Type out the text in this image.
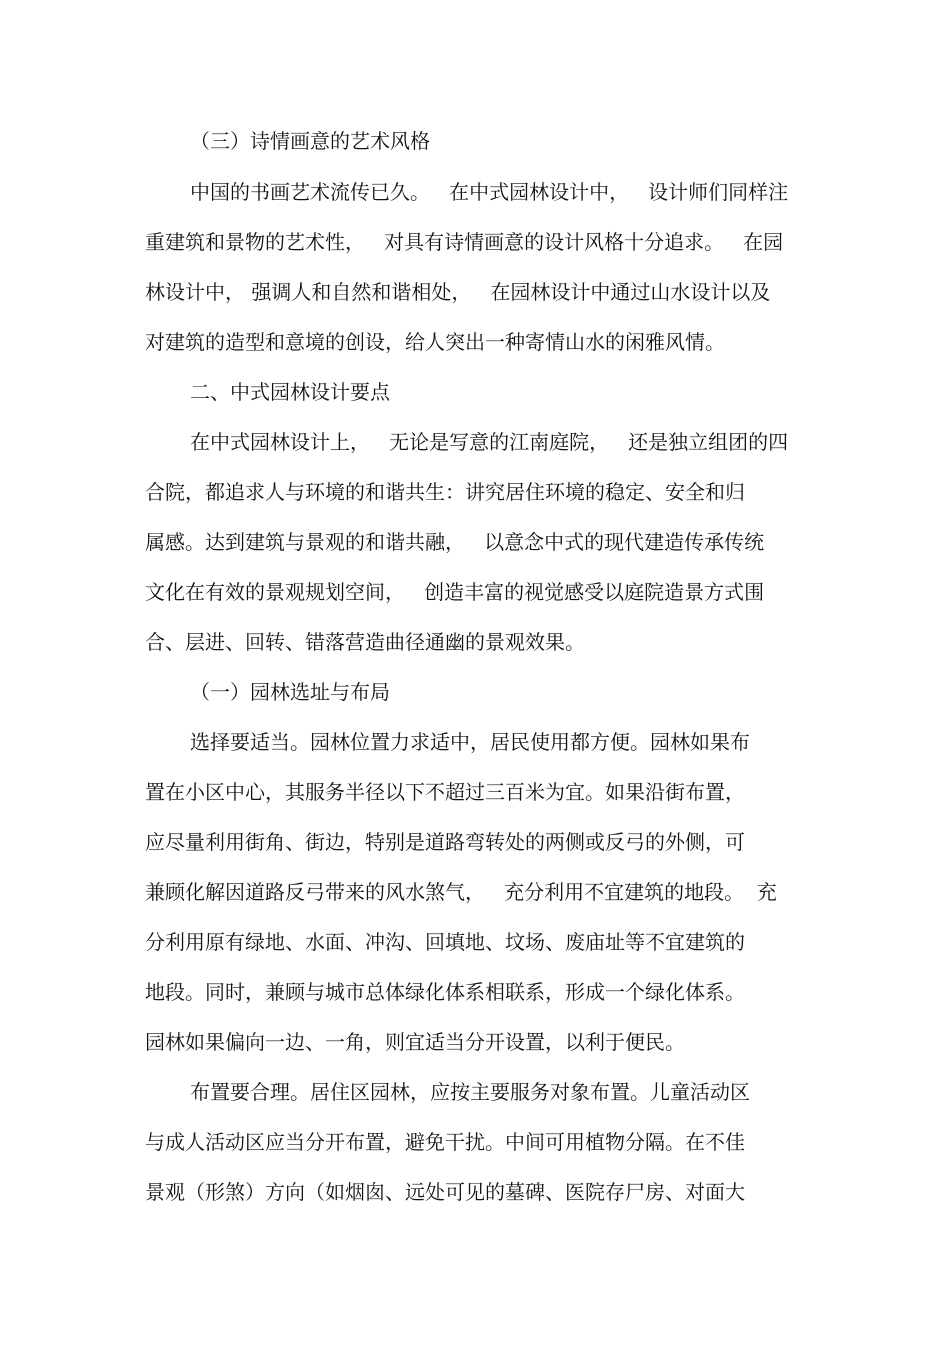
（三）诗情画意的艺术风格
中国的书画艺术流传已久。   在中式园林设计中，   设计师们同样注
重建筑和景物的艺术性，   对具有诗情画意的设计风格十分追求。   在园
林设计中， 强调人和自然和谐相处，   在园林设计中通过山水设计以及
对建筑的造型和意境的创设，给人突出一种寄情山水的闲雅风情。
二、中式园林设计要点
在中式园林设计上，   无论是写意的江南庭院，   还是独立组团的四
合院，都追求人与环境的和谐共生：讲究居住环境的稳定、安全和归
属感。达到建筑与景观的和谐共融，   以意念中式的现代建造传承传统
文化在有效的景观规划空间，   创造丰富的视觉感受以庭院造景方式围
合、层进、回转、错落营造曲径通幽的景观效果。
（一）园林选址与布局
选择要适当。园林位置力求适中，居民使用都方便。园林如果布
置在小区中心，其服务半径以下不超过三百米为宜。如果沿街布置，
应尽量利用街角、街边，特别是道路弯转处的两侧或反弓的外侧，可
兼顾化解因道路反弓带来的风水煞气，   充分利用不宜建筑的地段。  充
分利用原有绿地、水面、冲沟、回填地、坟场、废庙址等不宜建筑的
地段。同时，兼顾与城市总体绿化体系相联系，形成一个绿化体系。
园林如果偏向一边、一角，则宜适当分开设置，以利于便民。
布置要合理。居住区园林，应按主要服务对象布置。儿童活动区
与成人活动区应当分开布置，避免干扰。中间可用植物分隔。在不佳
景观（形煞）方向（如烟囱、远处可见的墓碑、医院存尸房、对面大
